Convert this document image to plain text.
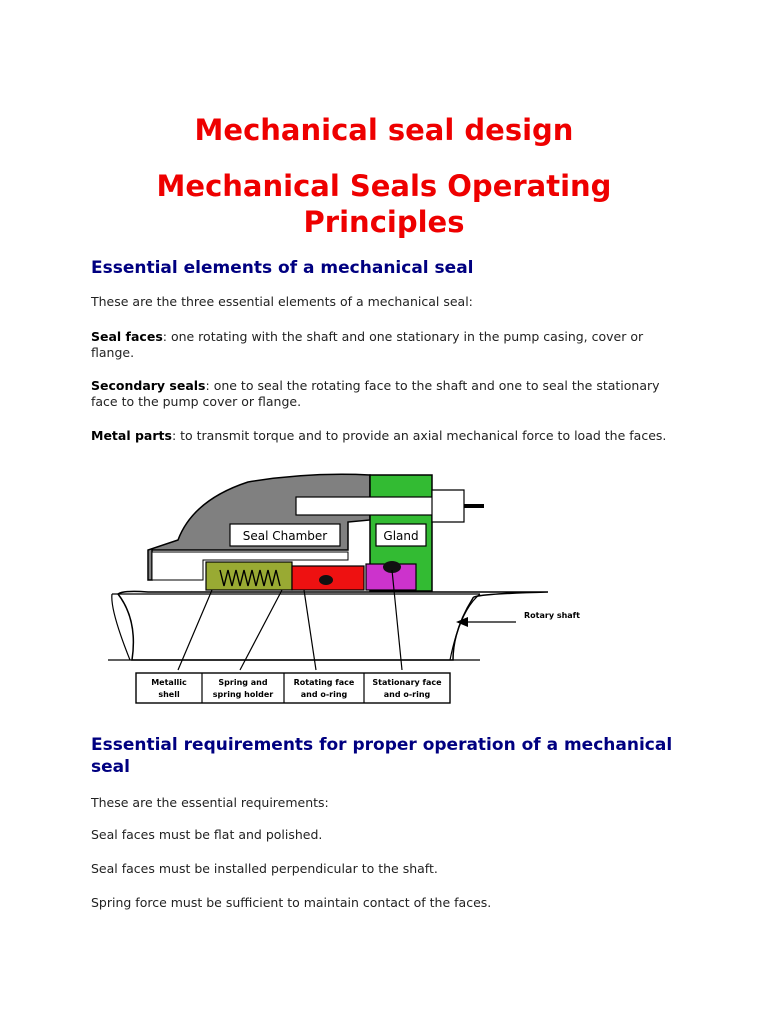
Mechanical seal design
Mechanical Seals Operating Principles
Essential elements of a mechanical seal

These are the three essential elements of a mechanical seal:

Seal faces: one rotating with the shaft and one stationary in the pump casing, cover or flange.

Secondary seals: one to seal the rotating face to the shaft and one to seal the stationary face to the pump cover or flange.

Metal parts: to transmit torque and to provide an axial mechanical force to load the faces.

Seal Chamber	Gland
Rotary shaft
Metallic
shell
Spring and
spring holder
Rotating face
and o-ring
Stationary face
and o-ring
Essential requirements for proper operation of a mechanical seal

These are the essential requirements:

Seal faces must be flat and polished.

Seal faces must be installed perpendicular to the shaft.

Spring force must be sufficient to maintain contact of the faces.
